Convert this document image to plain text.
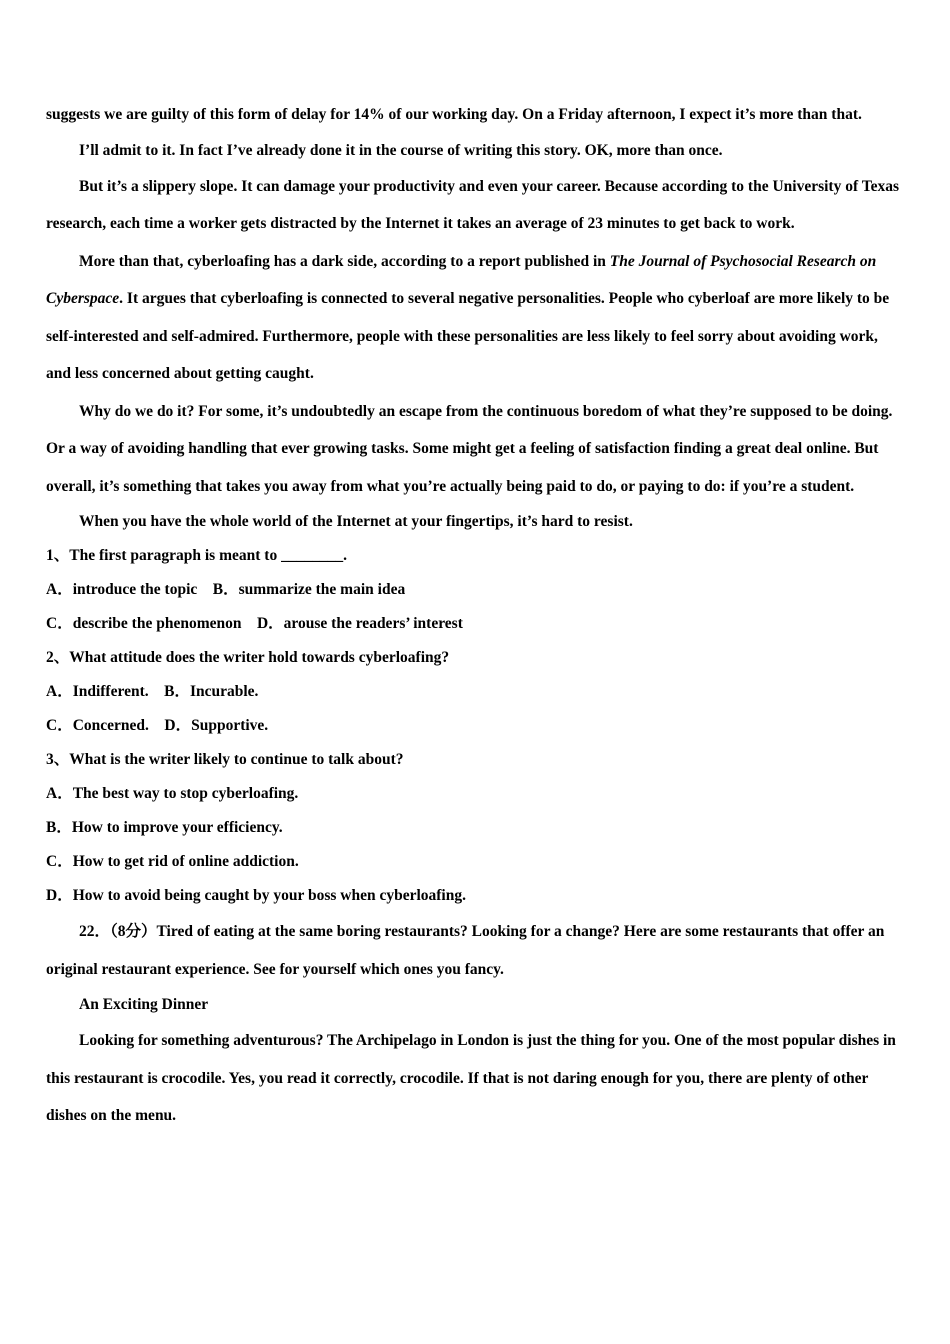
suggests we are guilty of this form of delay for 14% of our working day. On a Friday afternoon, I expect it’s more than that.

I’ll admit to it. In fact I’ve already done it in the course of writing this story. OK, more than once.

But it’s a slippery slope. It can damage your productivity and even your career. Because according to the University of Texas research, each time a worker gets distracted by the Internet it takes an average of 23 minutes to get back to work.

More than that, cyberloafing has a dark side, according to a report published in The Journal of Psychosocial Research on Cyberspace. It argues that cyberloafing is connected to several negative personalities. People who cyberloaf are more likely to be self-interested and self-admired. Furthermore, people with these personalities are less likely to feel sorry about avoiding work, and less concerned about getting caught.

Why do we do it? For some, it’s undoubtedly an escape from the continuous boredom of what they’re supposed to be doing. Or a way of avoiding handling that ever growing tasks. Some might get a feeling of satisfaction finding a great deal online. But overall, it’s something that takes you away from what you’re actually being paid to do, or paying to do: if you’re a student.

When you have the whole world of the Internet at your fingertips, it’s hard to resist.

1、The first paragraph is meant to ________.

A．introduce the topic    B．summarize the main idea

C．describe the phenomenon    D．arouse the readers’ interest

2、What attitude does the writer hold towards cyberloafing?

A．Indifferent.    B．Incurable.

C．Concerned.    D．Supportive.

3、What is the writer likely to continue to talk about?

A．The best way to stop cyberloafing.

B．How to improve your efficiency.

C．How to get rid of online addiction.

D．How to avoid being caught by your boss when cyberloafing.

22．（8分）Tired of eating at the same boring restaurants? Looking for a change? Here are some restaurants that offer an original restaurant experience. See for yourself which ones you fancy.

An Exciting Dinner

Looking for something adventurous? The Archipelago in London is just the thing for you. One of the most popular dishes in this restaurant is crocodile. Yes, you read it correctly, crocodile. If that is not daring enough for you, there are plenty of other dishes on the menu.
